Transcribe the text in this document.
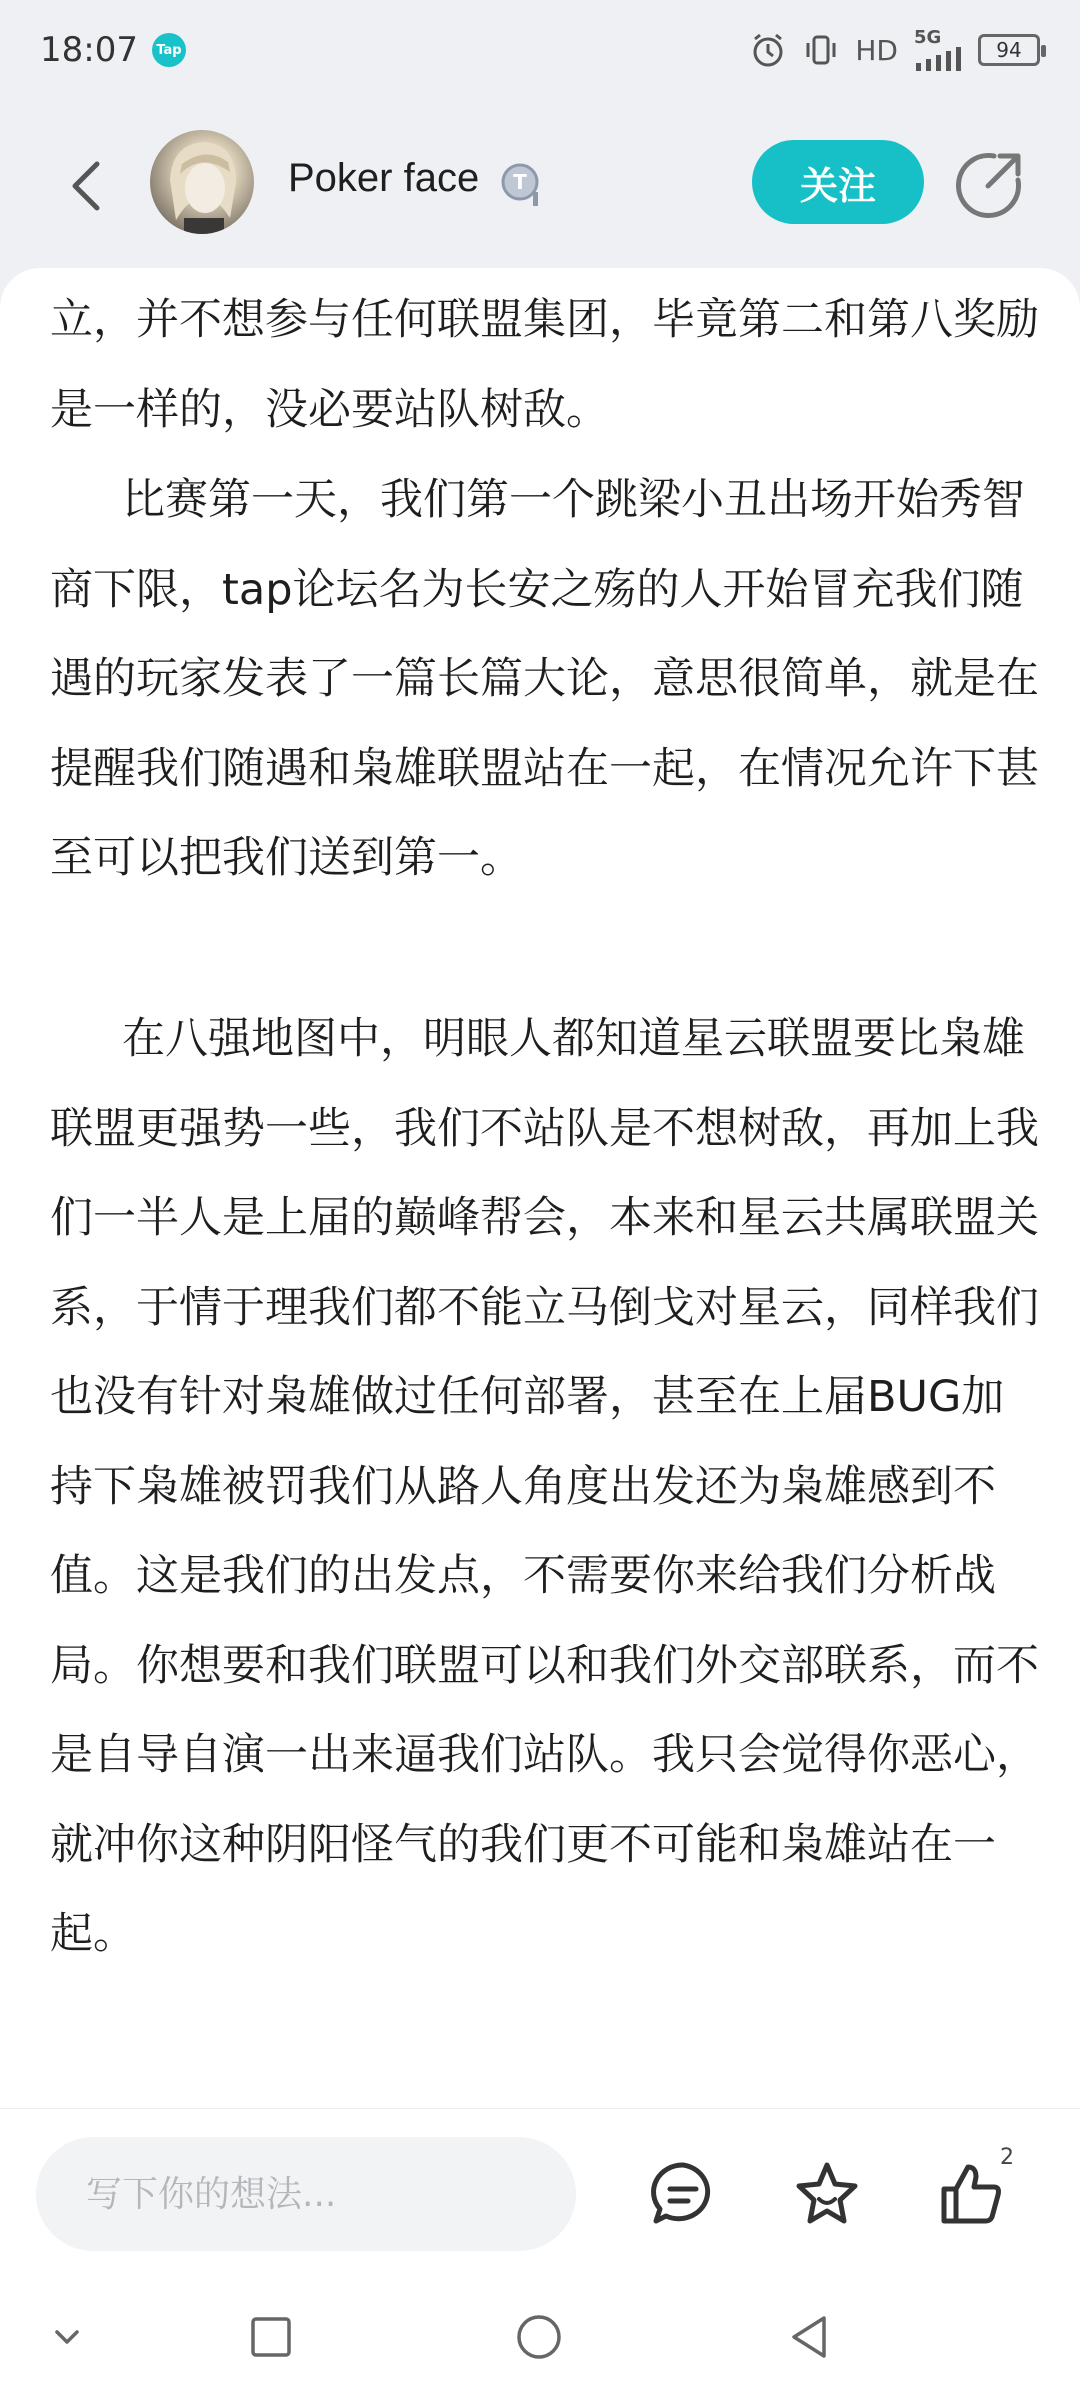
18:07	Tap	HD 5G
94
Poker face T	关注

立，并不想参与任何联盟集团，毕竟第二和第八奖励是一样的，没必要站队树敌。

比赛第一天，我们第一个跳梁小丑出场开始秀智商下限，tap论坛名为长安之殇的人开始冒充我们随遇的玩家发表了一篇长篇大论，意思很简单，就是在提醒我们随遇和枭雄联盟站在一起，在情况允许下甚至可以把我们送到第一。

在八强地图中，明眼人都知道星云联盟要比枭雄联盟更强势一些，我们不站队是不想树敌，再加上我们一半人是上届的巅峰帮会，本来和星云共属联盟关系，于情于理我们都不能立马倒戈对星云，同样我们也没有针对枭雄做过任何部署，甚至在上届BUG加持下枭雄被罚我们从路人角度出发还为枭雄感到不值。这是我们的出发点，不需要你来给我们分析战局。你想要和我们联盟可以和我们外交部联系，而不是自导自演一出来逼我们站队。我只会觉得你恶心，就冲你这种阴阳怪气的我们更不可能和枭雄站在一起。

写下你的想法...
2
